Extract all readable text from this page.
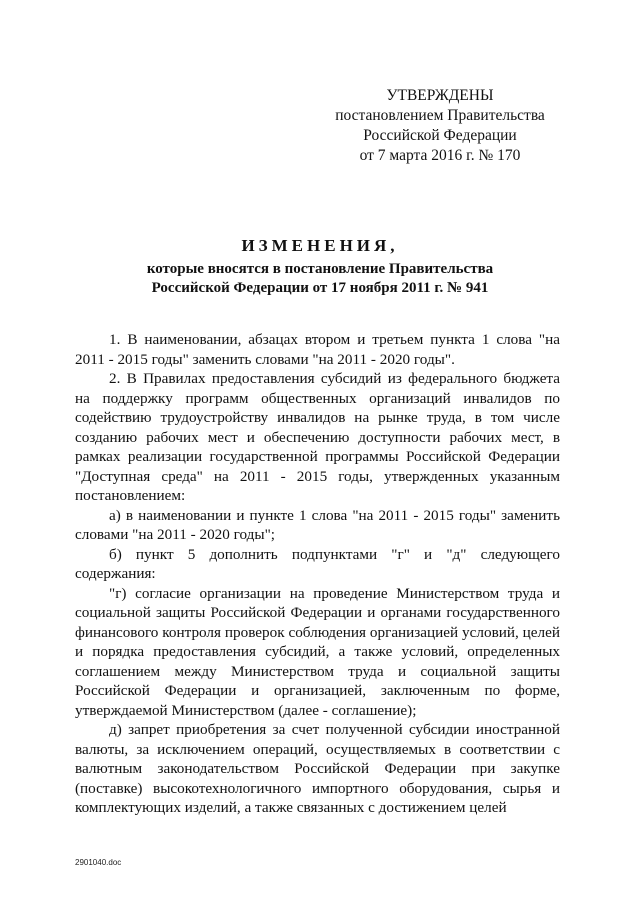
УТВЕРЖДЕНЫ
постановлением Правительства
Российской Федерации
от 7 марта 2016 г. № 170
ИЗМЕНЕНИЯ,
которые вносятся в постановление Правительства
Российской Федерации от 17 ноября 2011 г. № 941

1. В наименовании, абзацах втором и третьем пункта 1 слова "на 2011 - 2015 годы" заменить словами "на 2011 - 2020 годы".

2. В Правилах предоставления субсидий из федерального бюджета на поддержку программ общественных организаций инвалидов по содействию трудоустройству инвалидов на рынке труда, в том числе созданию рабочих мест и обеспечению доступности рабочих мест, в рамках реализации государственной программы Российской Федерации "Доступная среда" на 2011 - 2015 годы, утвержденных указанным постановлением:

а) в наименовании и пункте 1 слова "на 2011 - 2015 годы" заменить словами "на 2011 - 2020 годы";

б) пункт 5 дополнить подпунктами "г" и "д" следующего содержания:

"г) согласие организации на проведение Министерством труда и социальной защиты Российской Федерации и органами государственного финансового контроля проверок соблюдения организацией условий, целей и порядка предоставления субсидий, а также условий, определенных соглашением между Министерством труда и социальной защиты Российской Федерации и организацией, заключенным по форме, утверждаемой Министерством (далее - соглашение);

д) запрет приобретения за счет полученной субсидии иностранной валюты, за исключением операций, осуществляемых в соответствии с валютным законодательством Российской Федерации при закупке (поставке) высокотехнологичного импортного оборудования, сырья и комплектующих изделий, а также связанных с достижением целей

2901040.doc
